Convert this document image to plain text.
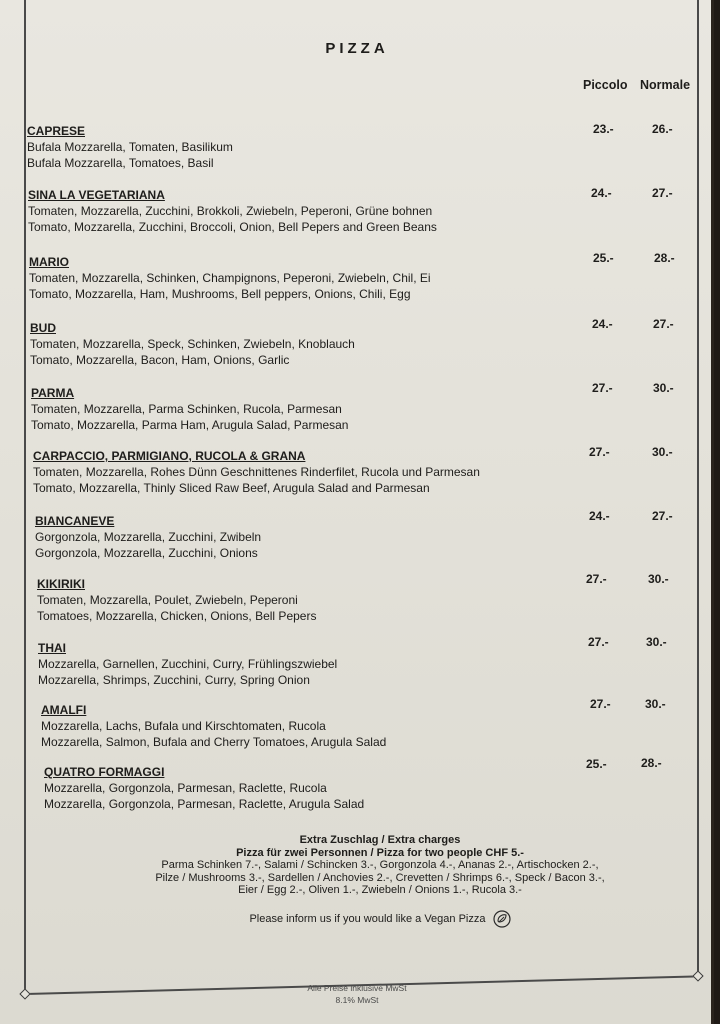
PIZZA
Piccolo Normale
CAPRESE
Bufala Mozzarella, Tomaten, Basilikum
Bufala Mozzarella, Tomatoes, Basil
23.-	26.-
SINA LA VEGETARIANA
Tomaten, Mozzarella, Zucchini, Brokkoli, Zwiebeln, Peperoni, Grüne bohnen
Tomato, Mozzarella, Zucchini, Broccoli, Onion, Bell Pepers and Green Beans
24.-	27.-
MARIO
Tomaten, Mozzarella, Schinken, Champignons, Peperoni, Zwiebeln, Chil, Ei
Tomato, Mozzarella, Ham, Mushrooms, Bell peppers, Onions, Chili, Egg
25.-	28.-
BUD
Tomaten, Mozzarella, Speck, Schinken, Zwiebeln, Knoblauch
Tomato, Mozzarella, Bacon, Ham, Onions, Garlic
24.-	27.-
PARMA
Tomaten, Mozzarella, Parma Schinken, Rucola, Parmesan
Tomato, Mozzarella, Parma Ham, Arugula Salad, Parmesan
27.-	30.-
CARPACCIO, PARMIGIANO, RUCOLA & GRANA
Tomaten, Mozzarella, Rohes Dünn Geschnittenes Rinderfilet, Rucola und Parmesan
Tomato, Mozzarella, Thinly Sliced Raw Beef, Arugula Salad and Parmesan
27.-	30.-
BIANCANEVE
Gorgonzola, Mozzarella, Zucchini, Zwibeln
Gorgonzola, Mozzarella, Zucchini, Onions
24.-	27.-
KIKIRIKI
Tomaten, Mozzarella, Poulet, Zwiebeln, Peperoni
Tomatoes, Mozzarella, Chicken, Onions, Bell Pepers
27.-	30.-
THAI
Mozzarella, Garnellen, Zucchini, Curry, Frühlingszwiebel
Mozzarella, Shrimps, Zucchini, Curry, Spring Onion
27.-	30.-
AMALFI
Mozzarella, Lachs, Bufala und Kirschtomaten, Rucola
Mozzarella, Salmon, Bufala and Cherry Tomatoes, Arugula Salad
27.-	30.-
QUATRO FORMAGGI
Mozzarella, Gorgonzola, Parmesan, Raclette, Rucola
Mozzarella, Gorgonzola, Parmesan, Raclette, Arugula Salad
25.-	28.-
Extra Zuschlag / Extra charges
Pizza für zwei Personnen / Pizza for two people CHF 5.-
Parma Schinken 7.-, Salami / Schincken 3.-, Gorgonzola 4.-, Ananas 2.-, Artischocken 2.-,
Pilze / Mushrooms 3.-, Sardellen / Anchovies 2.-, Crevetten / Shrimps 6.-, Speck / Bacon 3.-,
Eier / Egg 2.-, Oliven 1.-, Zwiebeln / Onions 1.-, Rucola 3.-
Please inform us if you would like a Vegan Pizza
Alle Preise inklusive MwSt
8.1% MwSt
